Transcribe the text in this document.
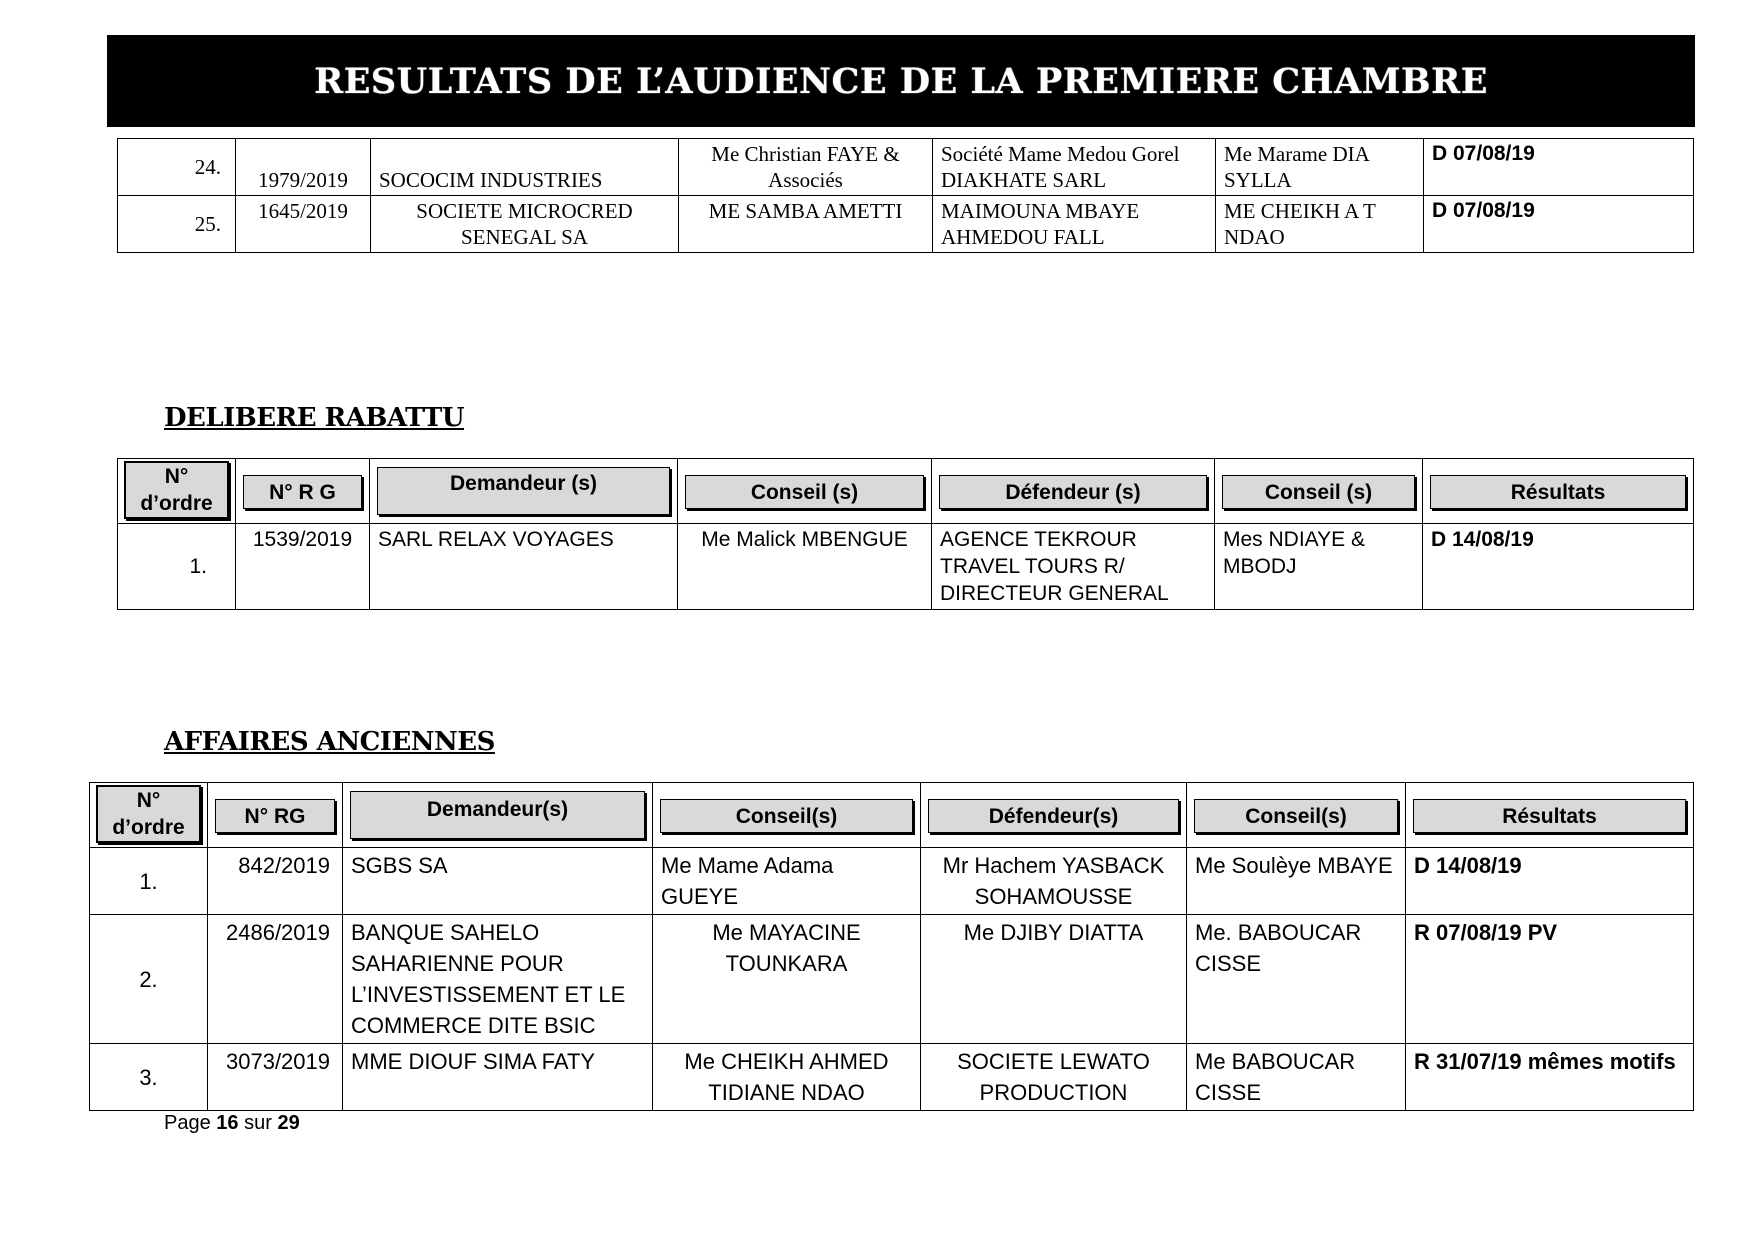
RESULTATS DE L’AUDIENCE DE LA PREMIERE CHAMBRE
24.	1979/2019	SOCOCIM INDUSTRIES	Me Christian FAYE & Associés	Société Mame Medou Gorel DIAKHATE SARL	Me Marame DIA SYLLA	D 07/08/19
25.	1645/2019	SOCIETE MICROCRED SENEGAL SA	ME SAMBA AMETTI	MAIMOUNA MBAYE AHMEDOU FALL	ME CHEIKH A T NDAO	D 07/08/19
DELIBERE RABATTU
N°
d’ordre	N° R G	Demandeur (s)	Conseil (s)	Défendeur (s)	Conseil (s)	Résultats

1.	1539/2019	SARL RELAX VOYAGES	Me Malick MBENGUE	AGENCE TEKROUR TRAVEL TOURS R/ DIRECTEUR GENERAL	Mes NDIAYE & MBODJ	D 14/08/19
AFFAIRES ANCIENNES
N°
d’ordre	N° RG	Demandeur(s)	Conseil(s)	Défendeur(s)	Conseil(s)	Résultats

1.	842/2019	SGBS SA	Me Mame Adama GUEYE	Mr Hachem YASBACK SOHAMOUSSE	Me Soulèye MBAYE	D 14/08/19
2.	2486/2019	BANQUE SAHELO SAHARIENNE POUR L’INVESTISSEMENT ET LE COMMERCE DITE BSIC	Me MAYACINE TOUNKARA	Me DJIBY DIATTA	Me. BABOUCAR CISSE	R 07/08/19 PV
3.	3073/2019	MME DIOUF SIMA FATY	Me CHEIKH AHMED TIDIANE NDAO	SOCIETE LEWATO PRODUCTION	Me BABOUCAR CISSE	R 31/07/19 mêmes motifs
Page 16 sur 29
